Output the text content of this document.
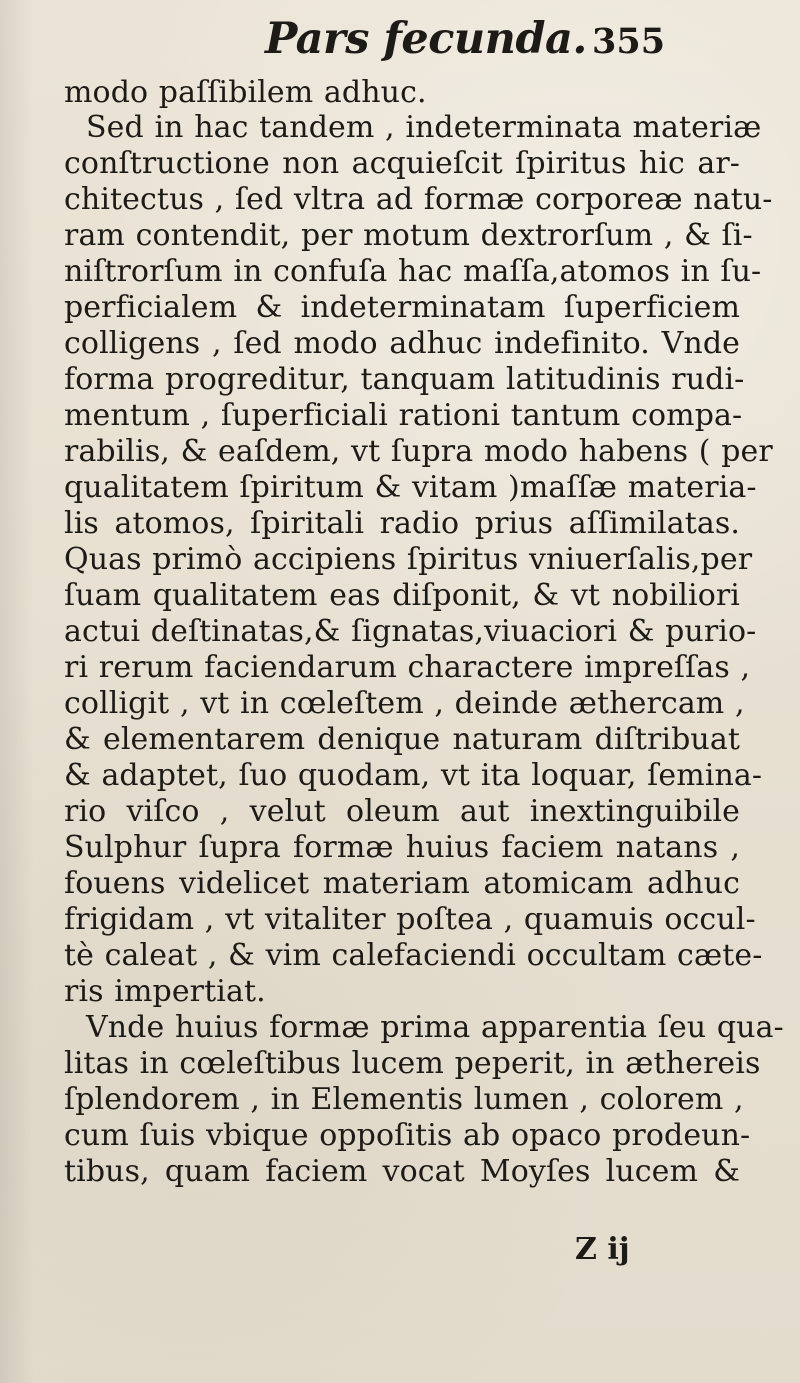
Pars fecunda. 355
modo paſſibilem adhuc.
Sed in hac tandem , indeterminata materiæ
conſtructione non acquieſcit ſpiritus hic ar-
chitectus , ſed vltra ad formæ corporeæ natu-
ram contendit, per motum dextrorſum , & ſi-
niſtrorſum in confuſa hac maſſa,atomos in ſu-
perficialem & indeterminatam ſuperficiem
colligens , ſed modo adhuc indefinito. Vnde
forma progreditur, tanquam latitudinis rudi-
mentum , ſuperficiali rationi tantum compa-
rabilis, & eaſdem, vt ſupra modo habens ( per
qualitatem ſpiritum & vitam )maſſæ materia-
lis atomos, ſpiritali radio prius aſſimilatas.
Quas primò accipiens ſpiritus vniuerſalis,per
ſuam qualitatem eas diſponit, & vt nobiliori
actui deſtinatas,& ſignatas,viuaciori & purio-
ri rerum faciendarum charactere impreſſas ,
colligit , vt in cœleſtem , deinde æthercam ,
& elementarem denique naturam diſtribuat
& adaptet, ſuo quodam, vt ita loquar, ſemina-
rio viſco , velut oleum aut inextinguibile
Sulphur ſupra formæ huius faciem natans ,
fouens videlicet materiam atomicam adhuc
frigidam , vt vitaliter poſtea , quamuis occul-
tè caleat , & vim calefaciendi occultam cæte-
ris impertiat.
Vnde huius formæ prima apparentia ſeu qua-
litas in cœleſtibus lucem peperit, in æthereis
ſplendorem , in Elementis lumen , colorem ,
cum ſuis vbique oppoſitis ab opaco prodeun-
tibus, quam faciem vocat Moyſes lucem &
Z ij
